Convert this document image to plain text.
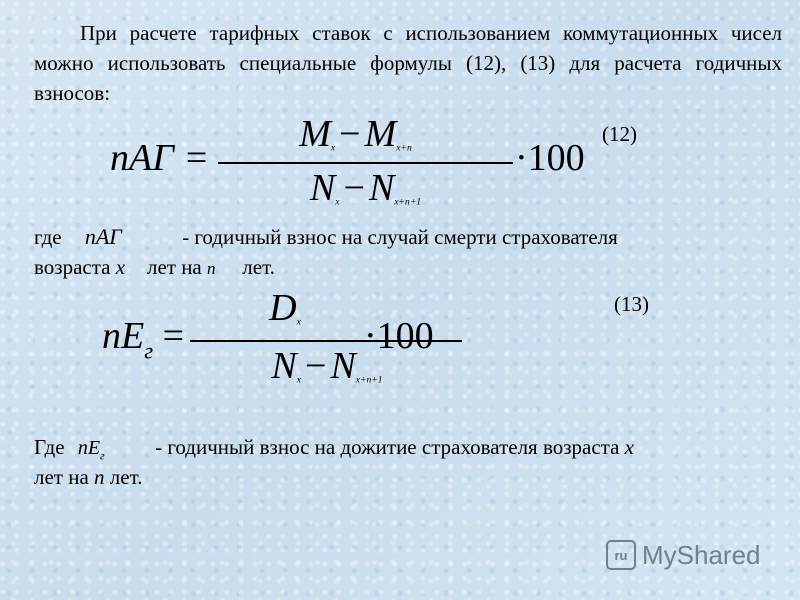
При расчете тарифных ставок с использованием коммутационных чисел можно использовать специальные формулы (12), (13) для расчета годичных взносов:
(12)
nAГ =
$M_x - M_{x+n}$
$N_x - N_{x+n+1}$
·100
где nAГ	- годичный взнос на случай смерти страхователя
возраста x лет на n лет.
(13)
$nE_г$ =
$D_x$
$N_x - N_{x+n+1}$
·100
Где $nE_г$ - годичный взнос на дожитие страхователя возраста x
лет на n лет.
ru MyShared
